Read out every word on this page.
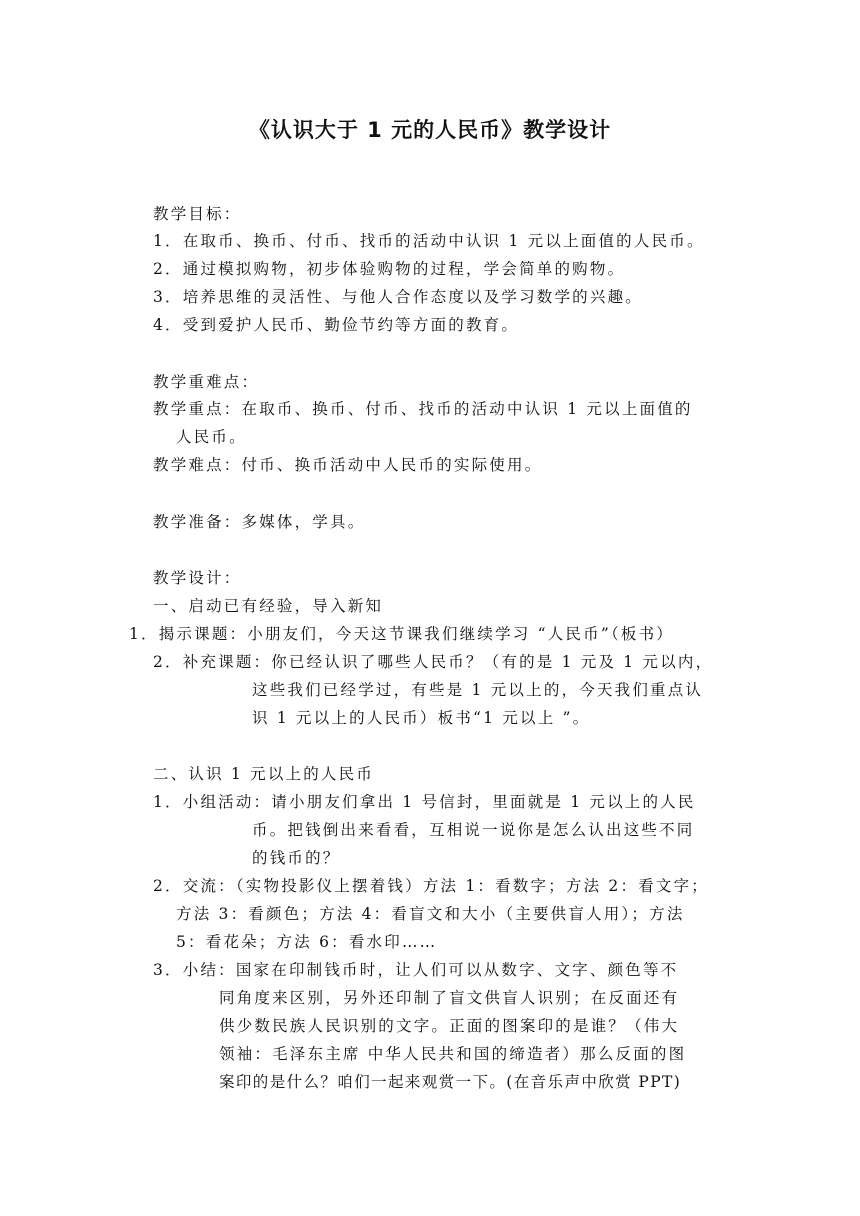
《认识大于 1 元的人民币》教学设计
教学目标：
1．在取币、换币、付币、找币的活动中认识 1 元以上面值的人民币。
2．通过模拟购物，初步体验购物的过程，学会简单的购物。
3．培养思维的灵活性、与他人合作态度以及学习数学的兴趣。
4．受到爱护人民币、勤俭节约等方面的教育。
教学重难点：
教学重点：在取币、换币、付币、找币的活动中认识 1 元以上面值的
人民币。
教学难点：付币、换币活动中人民币的实际使用。
教学准备：多媒体，学具。
教学设计：
一、启动已有经验，导入新知
1．揭示课题：小朋友们，今天这节课我们继续学习 “人民币”（板书）
2．补充课题：你已经认识了哪些人民币？（有的是 1 元及 1 元以内，
这些我们已经学过，有些是 1 元以上的，今天我们重点认
识 1 元以上的人民币）板书“1 元以上 ”。
二、认识 1 元以上的人民币
1．小组活动：请小朋友们拿出 1 号信封，里面就是 1 元以上的人民
币。把钱倒出来看看，互相说一说你是怎么认出这些不同
的钱币的？
2．交流：（实物投影仪上摆着钱）方法 1：看数字；方法 2：看文字；
方法 3：看颜色；方法 4：看盲文和大小（主要供盲人用）；方法
5：看花朵；方法 6：看水印……
3．小结：国家在印制钱币时，让人们可以从数字、文字、颜色等不
同角度来区别，另外还印制了盲文供盲人识别；在反面还有
供少数民族人民识别的文字。正面的图案印的是谁？（伟大
领袖：毛泽东主席 中华人民共和国的缔造者）那么反面的图
案印的是什么？咱们一起来观赏一下。(在音乐声中欣赏 PPT)
